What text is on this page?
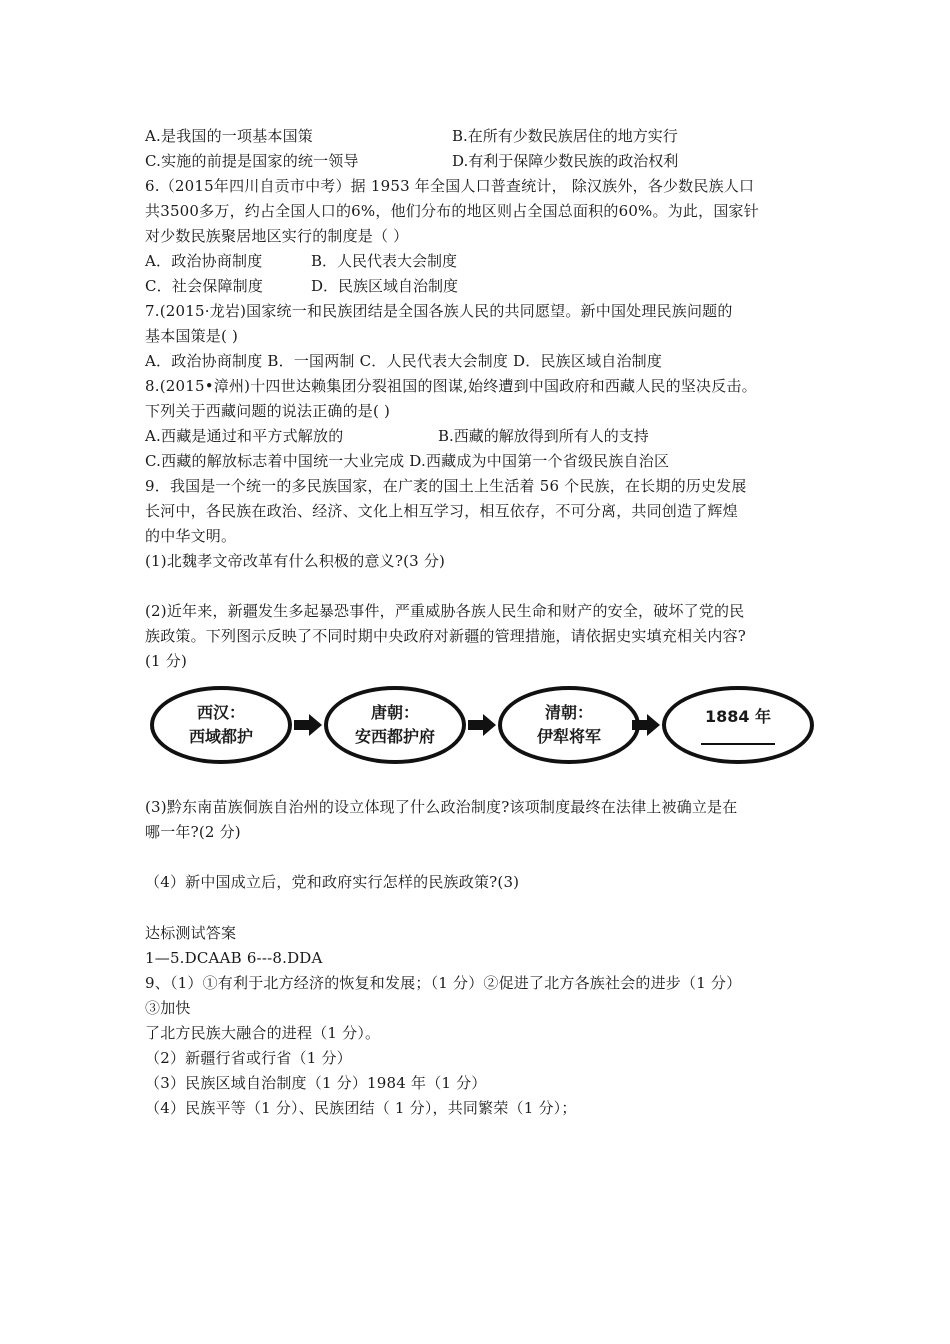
A.是我国的一项基本国策	B.在所有少数民族居住的地方实行
C.实施的前提是国家的统一领导	D.有利于保障少数民族的政治权利
6.（2015年四川自贡市中考）据 1953 年全国人口普查统计， 除汉族外，各少数民族人口
共3500多万，约占全国人口的6%，他们分布的地区则占全国总面积的60%。为此，国家针
对少数民族聚居地区实行的制度是（ ）
A．政治协商制度	B．人民代表大会制度
C．社会保障制度	D．民族区域自治制度
7.(2015·龙岩)国家统一和民族团结是全国各族人民的共同愿望。新中国处理民族问题的
基本国策是( )
A．政治协商制度 B．一国两制 C．人民代表大会制度 D．民族区域自治制度
8.(2015•漳州)十四世达赖集团分裂祖国的图谋,始终遭到中国政府和西藏人民的坚决反击。
下列关于西藏问题的说法正确的是( )
A.西藏是通过和平方式解放的	B.西藏的解放得到所有人的支持
C.西藏的解放标志着中国统一大业完成 D.西藏成为中国第一个省级民族自治区
9．我国是一个统一的多民族国家，在广袤的国土上生活着 56 个民族，在长期的历史发展
长河中，各民族在政治、经济、文化上相互学习，相互依存，不可分离，共同创造了辉煌
的中华文明。
(1)北魏孝文帝改革有什么积极的意义?(3 分)
(2)近年来，新疆发生多起暴恐事件，严重威胁各族人民生命和财产的安全，破坏了党的民
族政策。下列图示反映了不同时期中央政府对新疆的管理措施，请依据史实填充相关内容?
(1 分)
西汉：
西域都护
唐朝：
安西都护府
清朝：
伊犁将军
1884 年
(3)黔东南苗族侗族自治州的设立体现了什么政治制度?该项制度最终在法律上被确立是在
哪一年?(2 分)
（4）新中国成立后，党和政府实行怎样的民族政策?(3)
达标测试答案
1—5.DCAAB 6---8.DDA
9、（1）①有利于北方经济的恢复和发展；（1 分）②促进了北方各族社会的进步（1 分）
③加快
了北方民族大融合的进程（1 分）。
（2）新疆行省或行省（1 分）
（3）民族区域自治制度（1 分）1984 年（1 分）
（4）民族平等（1 分）、民族团结（ 1 分），共同繁荣（1 分）；
